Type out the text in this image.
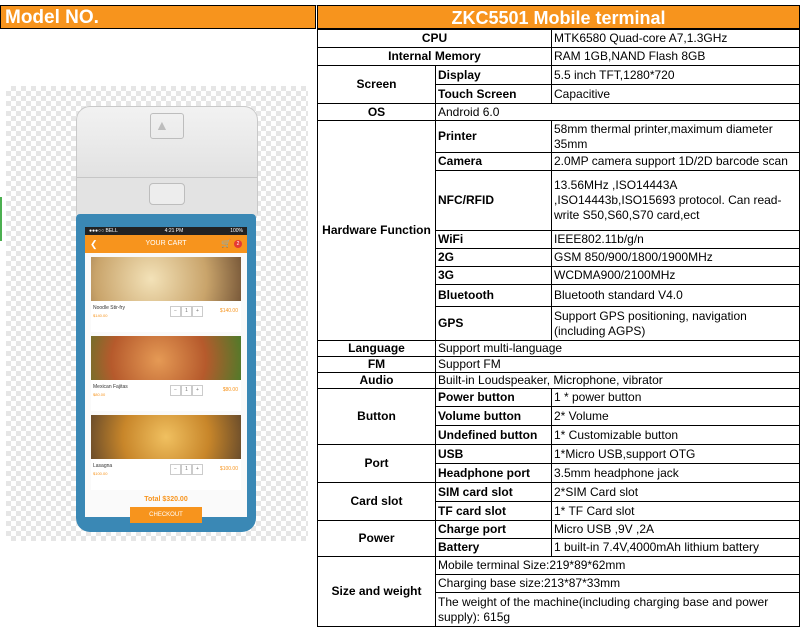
Model NO.	ZKC5501 Mobile terminal
▲
●●●○○ BELL	4:21 PM	100%
❮	YOUR CART	🛒	2
Noodle Stir-fry
$140.00
−	1	+	$140.00
Mexican Fajitas
$80.00
−	1	+	$80.00
Lasagna
$100.00
−	1	+	$100.00
Total $320.00
CHECKOUT
CPU		MTK6580 Quad-core A7,1.3GHz
Internal Memory		RAM 1GB,NAND Flash 8GB
Screen	Display	5.5 inch TFT,1280*720
	Touch Screen	Capacitive
OS	Android 6.0	
Hardware Function	Printer	58mm thermal printer,maximum diameter 35mm
	Camera	2.0MP camera support 1D/2D barcode scan
	NFC/RFID	13.56MHz ,ISO14443A ,ISO14443b,ISO15693 protocol. Can read-write S50,S60,S70 card,ect
	WiFi	IEEE802.11b/g/n
	2G	GSM 850/900/1800/1900MHz
	3G	WCDMA900/2100MHz
	Bluetooth	Bluetooth standard V4.0
	GPS	Support GPS positioning, navigation (including AGPS)
Language	Support multi-language	
FM	Support FM	
Audio	Built-in Loudspeaker, Microphone, vibrator	
Button	Power button	1 * power button
	Volume button	2* Volume
	Undefined button	1* Customizable button
Port	USB	1*Micro USB,support OTG
	Headphone port	3.5mm headphone jack
Card slot	SIM card slot	2*SIM Card slot
	TF card slot	1* TF Card slot
Power	Charge port	Micro USB ,9V ,2A
	Battery	1 built-in 7.4V,4000mAh lithium battery
Size and weight	Mobile terminal Size:219*89*62mm	
	Charging base size:213*87*33mm	
	The weight of the machine(including charging base and power supply): 615g	
